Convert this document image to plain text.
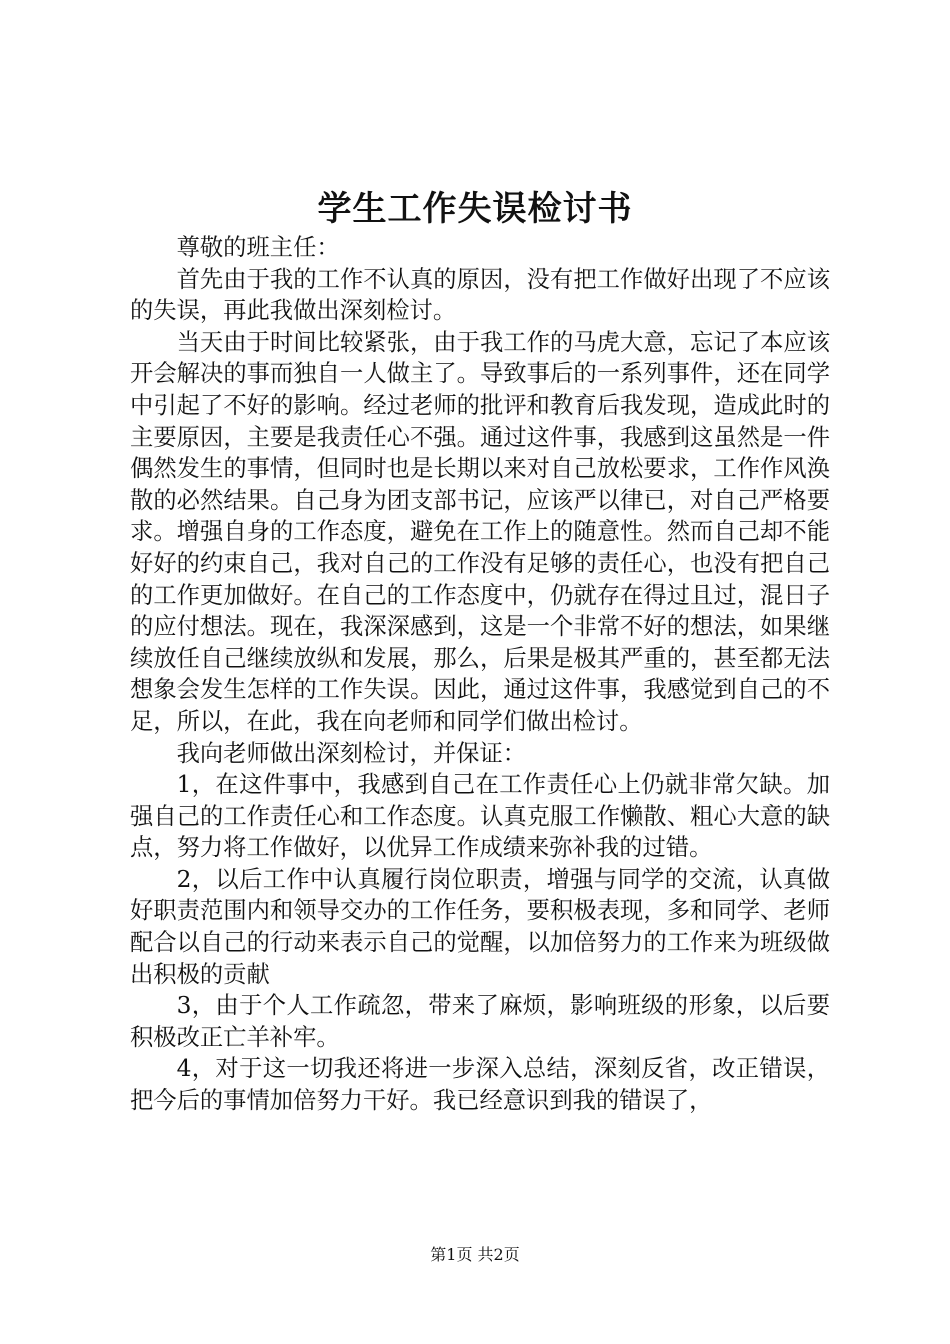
学生工作失误检讨书

尊敬的班主任：

首先由于我的工作不认真的原因，没有把工作做好出现了不应该的失误，再此我做出深刻检讨。

当天由于时间比较紧张，由于我工作的马虎大意，忘记了本应该开会解决的事而独自一人做主了。导致事后的一系列事件，还在同学中引起了不好的影响。经过老师的批评和教育后我发现，造成此时的主要原因，主要是我责任心不强。通过这件事，我感到这虽然是一件偶然发生的事情，但同时也是长期以来对自己放松要求，工作作风涣散的必然结果。自己身为团支部书记，应该严以律已，对自己严格要求。增强自身的工作态度，避免在工作上的随意性。然而自己却不能好好的约束自己，我对自己的工作没有足够的责任心，也没有把自己的工作更加做好。在自己的工作态度中，仍就存在得过且过，混日子的应付想法。现在，我深深感到，这是一个非常不好的想法，如果继续放任自己继续放纵和发展，那么，后果是极其严重的，甚至都无法想象会发生怎样的工作失误。因此，通过这件事，我感觉到自己的不足，所以，在此，我在向老师和同学们做出检讨。

我向老师做出深刻检讨，并保证：

1，在这件事中，我感到自己在工作责任心上仍就非常欠缺。加强自己的工作责任心和工作态度。认真克服工作懒散、粗心大意的缺点，努力将工作做好，以优异工作成绩来弥补我的过错。

2，以后工作中认真履行岗位职责，增强与同学的交流，认真做好职责范围内和领导交办的工作任务，要积极表现，多和同学、老师配合以自己的行动来表示自己的觉醒，以加倍努力的工作来为班级做出积极的贡献

3，由于个人工作疏忽，带来了麻烦，影响班级的形象，以后要积极改正亡羊补牢。

4，对于这一切我还将进一步深入总结，深刻反省，改正错误，把今后的事情加倍努力干好。我已经意识到我的错误了，

第1页 共2页
